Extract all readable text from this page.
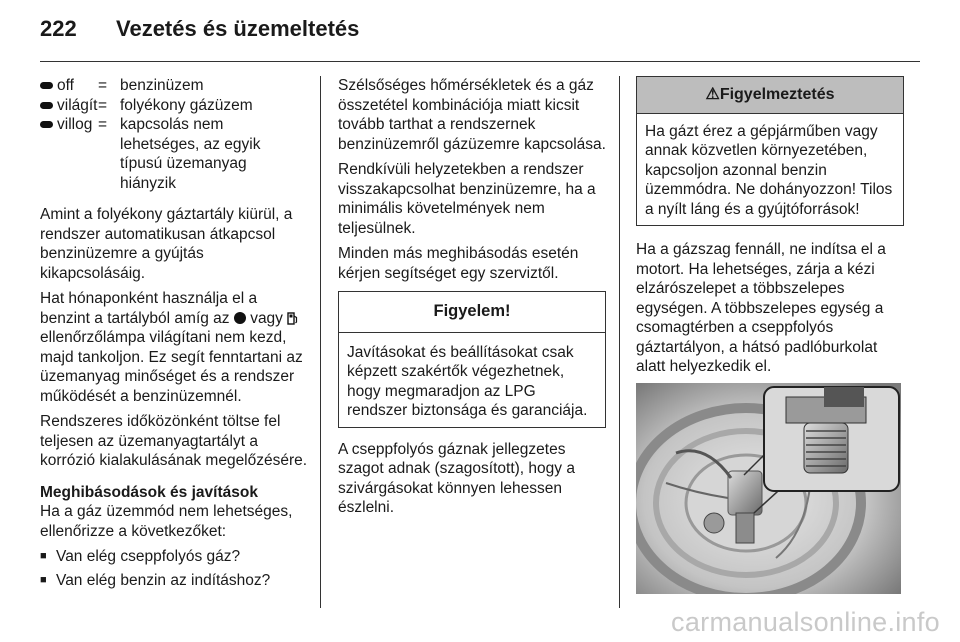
222 Vezetés és üzemeltetés
off	=	benzinüzem
világít	=	folyékony gázüzem
villog	=	kapcsolás nem lehetséges, az egyik típusú üzemanyag hiányzik

Amint a folyékony gáztartály kiürül, a rendszer automatikusan átkapcsol benzinüzemre a gyújtás kikapcsolásáig.

Hat hónaponként használja el a benzint a tartályból amíg az vagy  ellenőrzőlámpa világítani nem kezd, majd tankoljon. Ez segít fenntartani az üzemanyag minőséget és a rendszer működését a benzinüzemnél.

Rendszeres időközönként töltse fel teljesen az üzemanyagtartályt a korrózió kialakulásának megelőzésére.

Meghibásodások és javítások

Ha a gáz üzemmód nem lehetséges, ellenőrizze a következőket:

■ Van elég cseppfolyós gáz?
■ Van elég benzin az indításhoz?

Szélsőséges hőmérsékletek és a gáz összetétel kombinációja miatt kicsit tovább tarthat a rendszernek benzinüzemről gázüzemre kapcsolása.

Rendkívüli helyzetekben a rendszer visszakapcsolhat benzinüzemre, ha a minimális követelmények nem teljesülnek.

Minden más meghibásodás esetén kérjen segítséget egy szerviztől.

Figyelem!
Javításokat és beállításokat csak képzett szakértők végezhetnek, hogy megmaradjon az LPG rendszer biztonsága és garanciája.

A cseppfolyós gáznak jellegzetes szagot adnak (szagosított), hogy a szivárgásokat könnyen lehessen észlelni.

⚠Figyelmeztetés
Ha gázt érez a gépjárműben vagy annak közvetlen környezetében, kapcsoljon azonnal benzin üzemmódra. Ne dohányozzon! Tilos a nyílt láng és a gyújtóforrások!

Ha a gázszag fennáll, ne indítsa el a motort. Ha lehetséges, zárja a kézi elzárószelepet a többszelepes egységen. A többszelepes egység a csomagtérben a cseppfolyós gáztartályon, a hátsó padlóburkolat alatt helyezkedik el.

carmanualsonline.info
